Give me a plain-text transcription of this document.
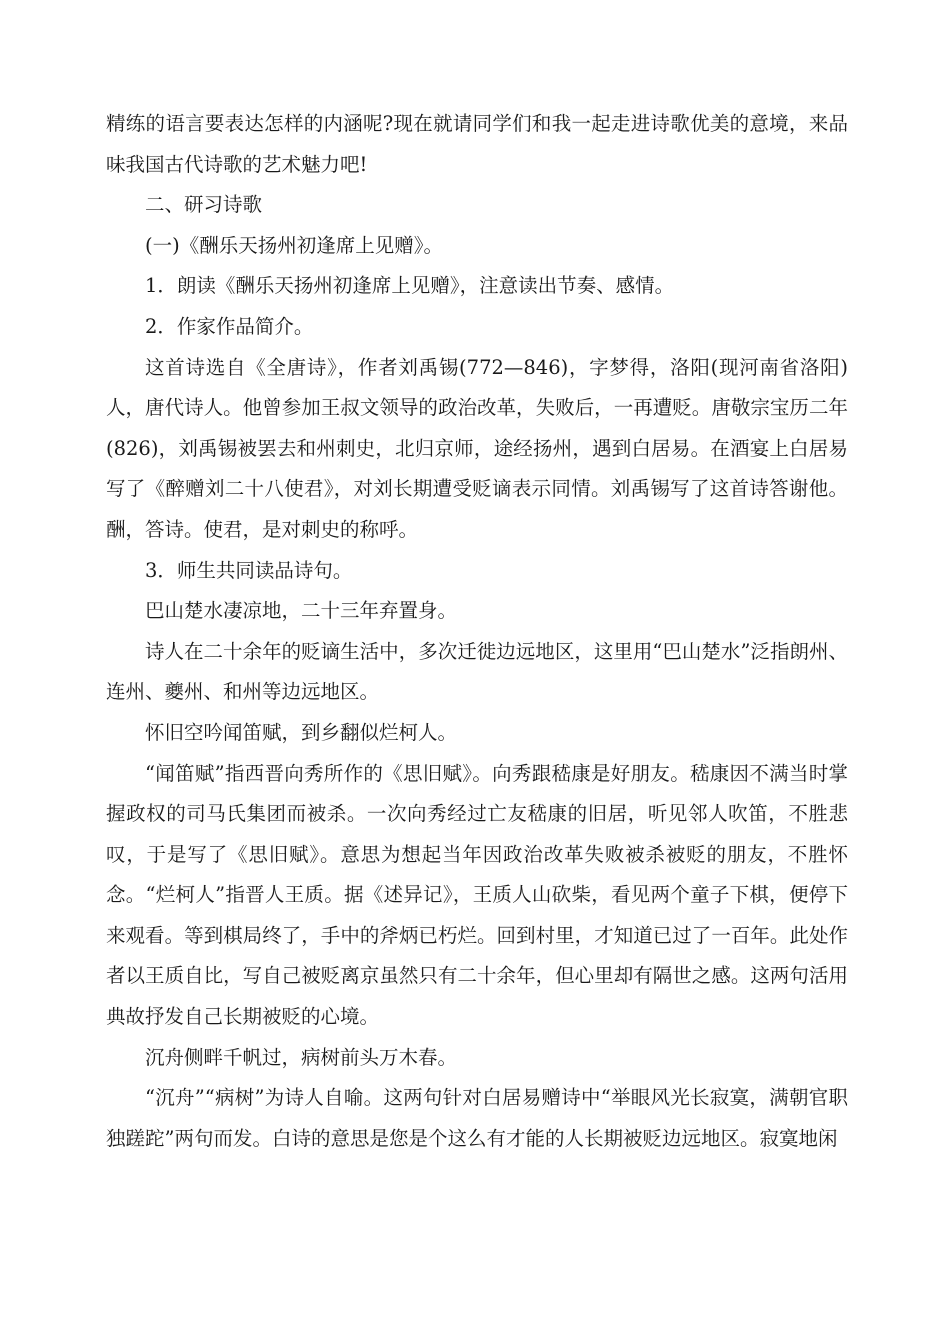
精练的语言要表达怎样的内涵呢?现在就请同学们和我一起走进诗歌优美的意境，来品味我国古代诗歌的艺术魅力吧!

二、研习诗歌

(一)《酬乐天扬州初逢席上见赠》。

1．朗读《酬乐天扬州初逢席上见赠》，注意读出节奏、感情。

2．作家作品简介。

这首诗选自《全唐诗》，作者刘禹锡(772—846)，字梦得，洛阳(现河南省洛阳)人，唐代诗人。他曾参加王叔文领导的政治改革，失败后，一再遭贬。唐敬宗宝历二年(826)，刘禹锡被罢去和州刺史，北归京师，途经扬州，遇到白居易。在酒宴上白居易写了《醉赠刘二十八使君》，对刘长期遭受贬谪表示同情。刘禹锡写了这首诗答谢他。酬，答诗。使君，是对刺史的称呼。

3．师生共同读品诗句。

巴山楚水凄凉地，二十三年弃置身。

诗人在二十余年的贬谪生活中，多次迁徙边远地区，这里用“巴山楚水”泛指朗州、连州、夔州、和州等边远地区。

怀旧空吟闻笛赋，到乡翻似烂柯人。

“闻笛赋”指西晋向秀所作的《思旧赋》。向秀跟嵇康是好朋友。嵇康因不满当时掌握政权的司马氏集团而被杀。一次向秀经过亡友嵇康的旧居，听见邻人吹笛，不胜悲叹，于是写了《思旧赋》。意思为想起当年因政治改革失败被杀被贬的朋友，不胜怀念。“烂柯人”指晋人王质。据《述异记》，王质人山砍柴，看见两个童子下棋，便停下来观看。等到棋局终了，手中的斧炳已朽烂。回到村里，才知道已过了一百年。此处作者以王质自比，写自己被贬离京虽然只有二十余年，但心里却有隔世之感。这两句活用典故抒发自己长期被贬的心境。

沉舟侧畔千帆过，病树前头万木春。

“沉舟”“病树”为诗人自喻。这两句针对白居易赠诗中“举眼风光长寂寞，满朝官职独蹉跎”两句而发。白诗的意思是您是个这么有才能的人长期被贬边远地区。寂寞地闲
